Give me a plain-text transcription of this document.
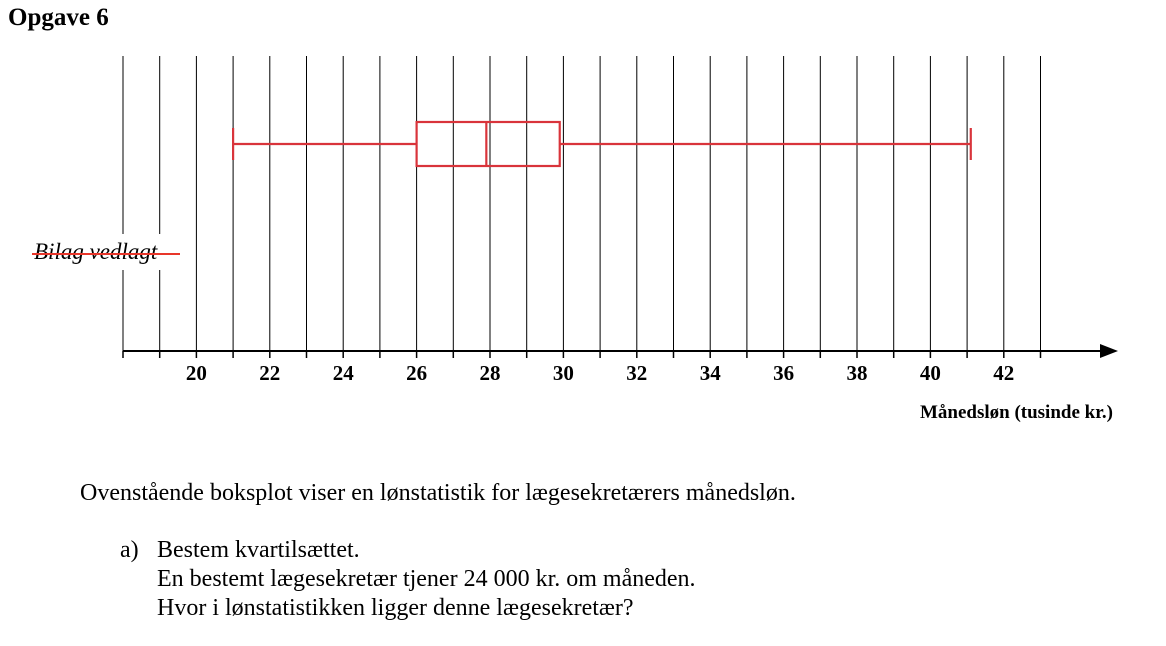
Opgave 6
20 22 24 26 28 30 32 34 36 38 40 42
Bilag vedlagt
Månedsløn (tusinde kr.)
Ovenstående boksplot viser en lønstatistik for lægesekretærers månedsløn.
a) Bestem kvartilsættet.
En bestemt lægesekretær tjener 24 000 kr. om måneden.
Hvor i lønstatistikken ligger denne lægesekretær?
